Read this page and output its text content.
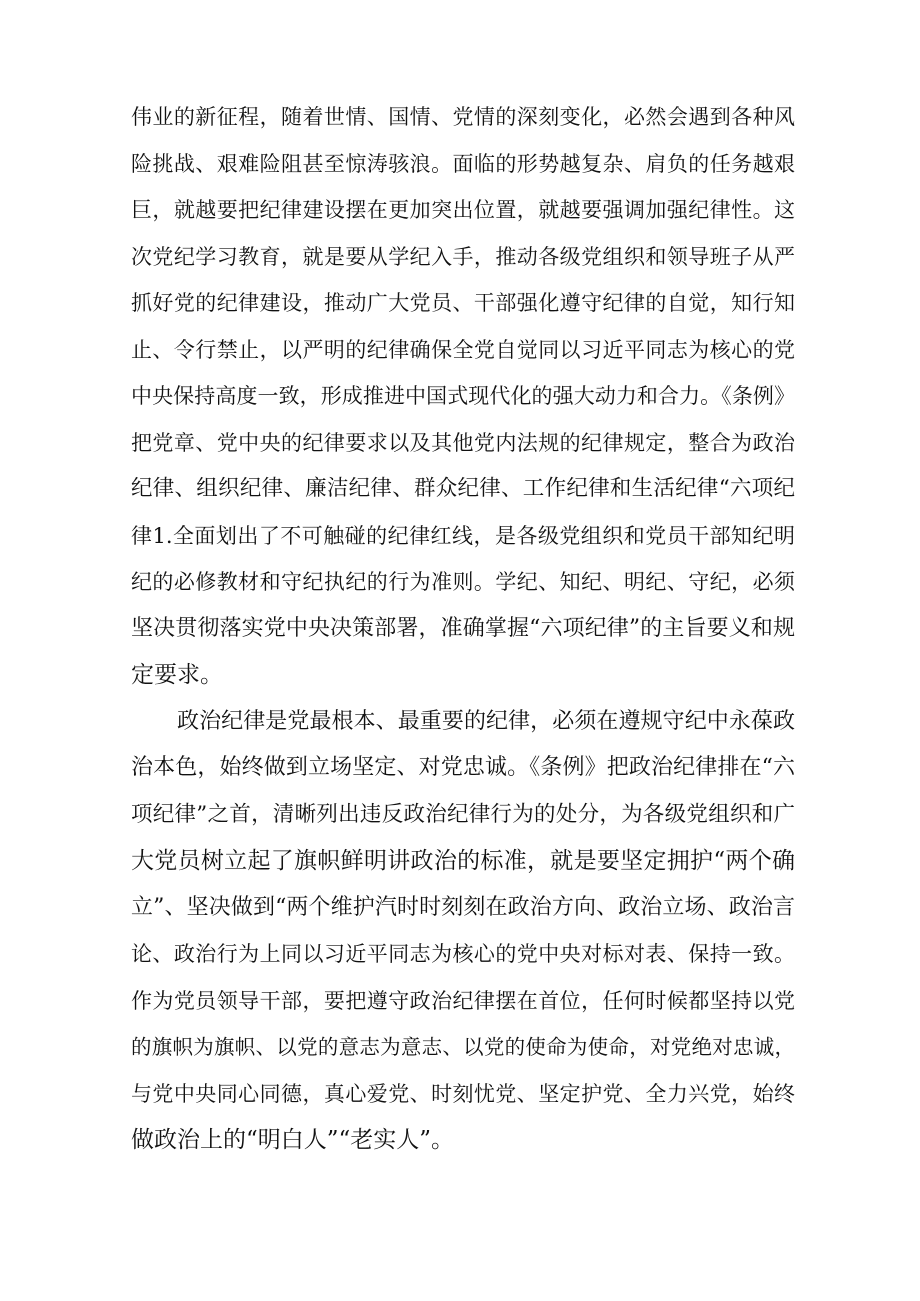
伟业的新征程，随着世情、国情、党情的深刻变化，必然会遇到各种风
险挑战、艰难险阻甚至惊涛骇浪。面临的形势越复杂、肩负的任务越艰
巨，就越要把纪律建设摆在更加突出位置，就越要强调加强纪律性。这
次党纪学习教育，就是要从学纪入手，推动各级党组织和领导班子从严
抓好党的纪律建设，推动广大党员、干部强化遵守纪律的自觉，知行知
止、令行禁止，以严明的纪律确保全党自觉同以习近平同志为核心的党
中央保持高度一致，形成推进中国式现代化的强大动力和合力。《条例》
把党章、党中央的纪律要求以及其他党内法规的纪律规定，整合为政治
纪律、组织纪律、廉洁纪律、群众纪律、工作纪律和生活纪律“六项纪
律1.全面划出了不可触碰的纪律红线，是各级党组织和党员干部知纪明
纪的必修教材和守纪执纪的行为准则。学纪、知纪、明纪、守纪，必须
坚决贯彻落实党中央决策部署，准确掌握“六项纪律”的主旨要义和规
定要求。
政治纪律是党最根本、最重要的纪律，必须在遵规守纪中永葆政
治本色，始终做到立场坚定、对党忠诚。《条例》把政治纪律排在“六
项纪律”之首，清晰列出违反政治纪律行为的处分，为各级党组织和广
大党员树立起了旗帜鲜明讲政治的标准，就是要坚定拥护“两个确
立”、坚决做到“两个维护汽时时刻刻在政治方向、政治立场、政治言
论、政治行为上同以习近平同志为核心的党中央对标对表、保持一致。
作为党员领导干部，要把遵守政治纪律摆在首位，任何时候都坚持以党
的旗帜为旗帜、以党的意志为意志、以党的使命为使命，对党绝对忠诚，
与党中央同心同德，真心爱党、时刻忧党、坚定护党、全力兴党，始终
做政治上的“明白人”“老实人”。
